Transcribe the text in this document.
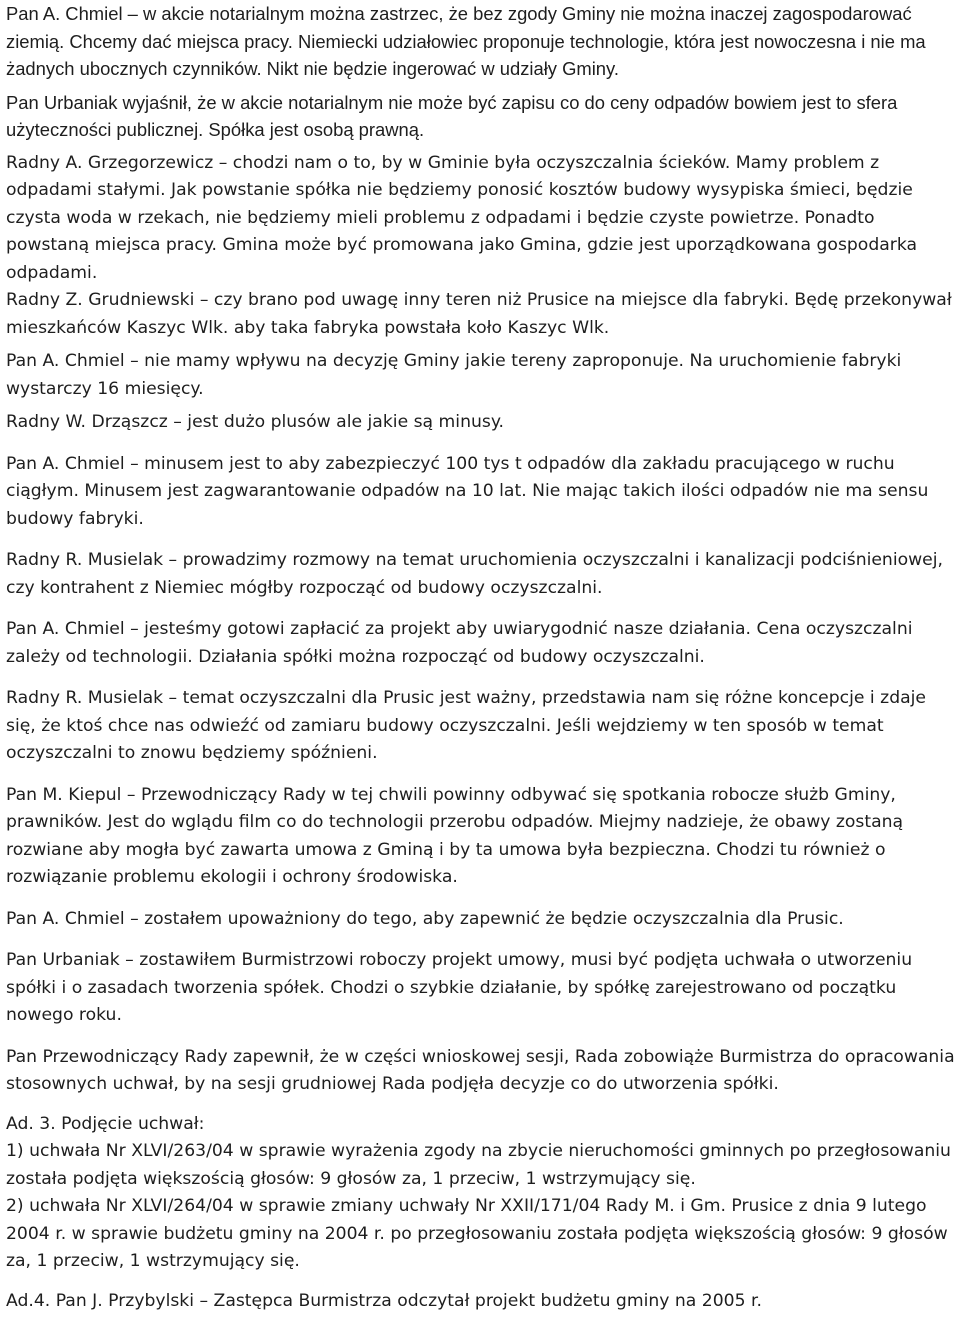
Pan A. Chmiel – w akcie notarialnym można zastrzec, że bez zgody Gminy nie można inaczej zagospodarować ziemią. Chcemy dać miejsca pracy. Niemiecki udziałowiec proponuje technologie, która jest nowoczesna i nie ma żadnych ubocznych czynników. Nikt nie będzie ingerować w udziały Gminy.

Pan Urbaniak wyjaśnił, że w akcie notarialnym nie może być zapisu co do ceny odpadów bowiem jest to sfera użyteczności publicznej. Spółka jest osobą prawną.

Radny A. Grzegorzewicz – chodzi nam o to, by w Gminie była oczyszczalnia ścieków. Mamy problem z odpadami stałymi. Jak powstanie spółka nie będziemy ponosić kosztów budowy wysypiska śmieci, będzie czysta woda w rzekach, nie będziemy mieli problemu z odpadami i będzie czyste powietrze. Ponadto powstaną miejsca pracy. Gmina może być promowana jako Gmina, gdzie jest uporządkowana gospodarka odpadami.

Radny Z. Grudniewski – czy brano pod uwagę inny teren niż Prusice na miejsce dla fabryki. Będę przekonywał mieszkańców Kaszyc Wlk. aby taka fabryka powstała koło Kaszyc Wlk.

Pan A. Chmiel – nie mamy wpływu na decyzję Gminy jakie tereny zaproponuje. Na uruchomienie fabryki wystarczy 16 miesięcy.

Radny W. Drząszcz – jest dużo plusów ale jakie są minusy.

Pan A. Chmiel – minusem jest to aby zabezpieczyć 100 tys t odpadów dla zakładu pracującego w ruchu ciągłym. Minusem jest zagwarantowanie odpadów na 10 lat. Nie mając takich ilości odpadów nie ma sensu budowy fabryki.

Radny R. Musielak – prowadzimy rozmowy na temat uruchomienia oczyszczalni i kanalizacji podciśnieniowej, czy kontrahent z Niemiec mógłby rozpocząć od budowy oczyszczalni.

Pan A. Chmiel – jesteśmy gotowi zapłacić za projekt aby uwiarygodnić nasze działania. Cena oczyszczalni zależy od technologii. Działania spółki można rozpocząć od budowy oczyszczalni.

Radny R. Musielak – temat oczyszczalni dla Prusic jest ważny, przedstawia nam się różne koncepcje i zdaje się, że ktoś chce nas odwieźć od zamiaru budowy oczyszczalni. Jeśli wejdziemy w ten sposób w temat oczyszczalni to znowu będziemy spóźnieni.

Pan M. Kiepul – Przewodniczący Rady w tej chwili powinny odbywać się spotkania robocze służb Gminy, prawników. Jest do wglądu film co do technologii przerobu odpadów. Miejmy nadzieje, że obawy zostaną rozwiane aby mogła być zawarta umowa z Gminą i by ta umowa była bezpieczna. Chodzi tu również o rozwiązanie problemu ekologii i ochrony środowiska.

Pan A. Chmiel – zostałem upoważniony do tego, aby zapewnić że będzie oczyszczalnia dla Prusic.

Pan Urbaniak – zostawiłem Burmistrzowi roboczy projekt umowy, musi być podjęta uchwała o utworzeniu spółki i o zasadach tworzenia spółek. Chodzi o szybkie działanie, by spółkę zarejestrowano od początku nowego roku.

Pan Przewodniczący Rady zapewnił, że w części wnioskowej sesji, Rada zobowiąże Burmistrza do opracowania stosownych uchwał, by na sesji grudniowej Rada podjęła decyzje co do utworzenia spółki.

Ad. 3. Podjęcie uchwał:

1) uchwała Nr XLVI/263/04 w sprawie wyrażenia zgody na zbycie nieruchomości gminnych po przegłosowaniu została podjęta większością głosów: 9 głosów za, 1 przeciw, 1 wstrzymujący się.

2) uchwała Nr XLVI/264/04 w sprawie zmiany uchwały Nr XXII/171/04 Rady M. i Gm. Prusice z dnia 9 lutego 2004 r. w sprawie budżetu gminy na 2004 r. po przegłosowaniu została podjęta większością głosów: 9 głosów za, 1 przeciw, 1 wstrzymujący się.

Ad.4. Pan J. Przybylski – Zastępca Burmistrza odczytał projekt budżetu gminy na 2005 r.
